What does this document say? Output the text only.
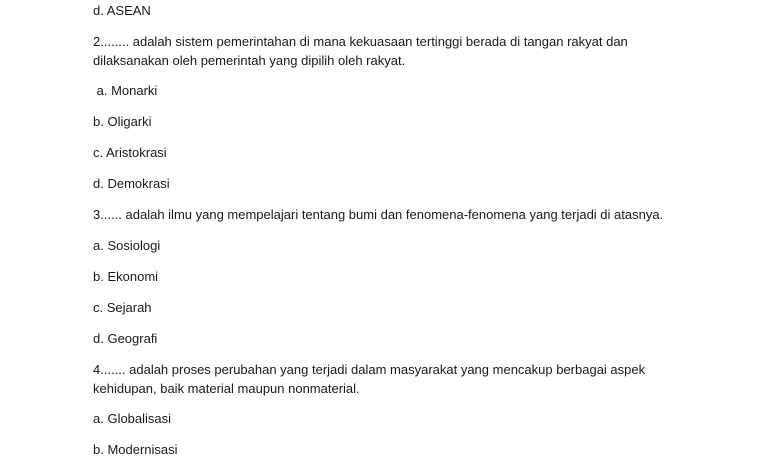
d. ASEAN
2........ adalah sistem pemerintahan di mana kekuasaan tertinggi berada di tangan rakyat dan dilaksanakan oleh pemerintah yang dipilih oleh rakyat.
a. Monarki
b. Oligarki
c. Aristokrasi
d. Demokrasi
3...... adalah ilmu yang mempelajari tentang bumi dan fenomena-fenomena yang terjadi di atasnya.
a. Sosiologi
b. Ekonomi
c. Sejarah
d. Geografi
4....... adalah proses perubahan yang terjadi dalam masyarakat yang mencakup berbagai aspek kehidupan, baik material maupun nonmaterial.
a. Globalisasi
b. Modernisasi
